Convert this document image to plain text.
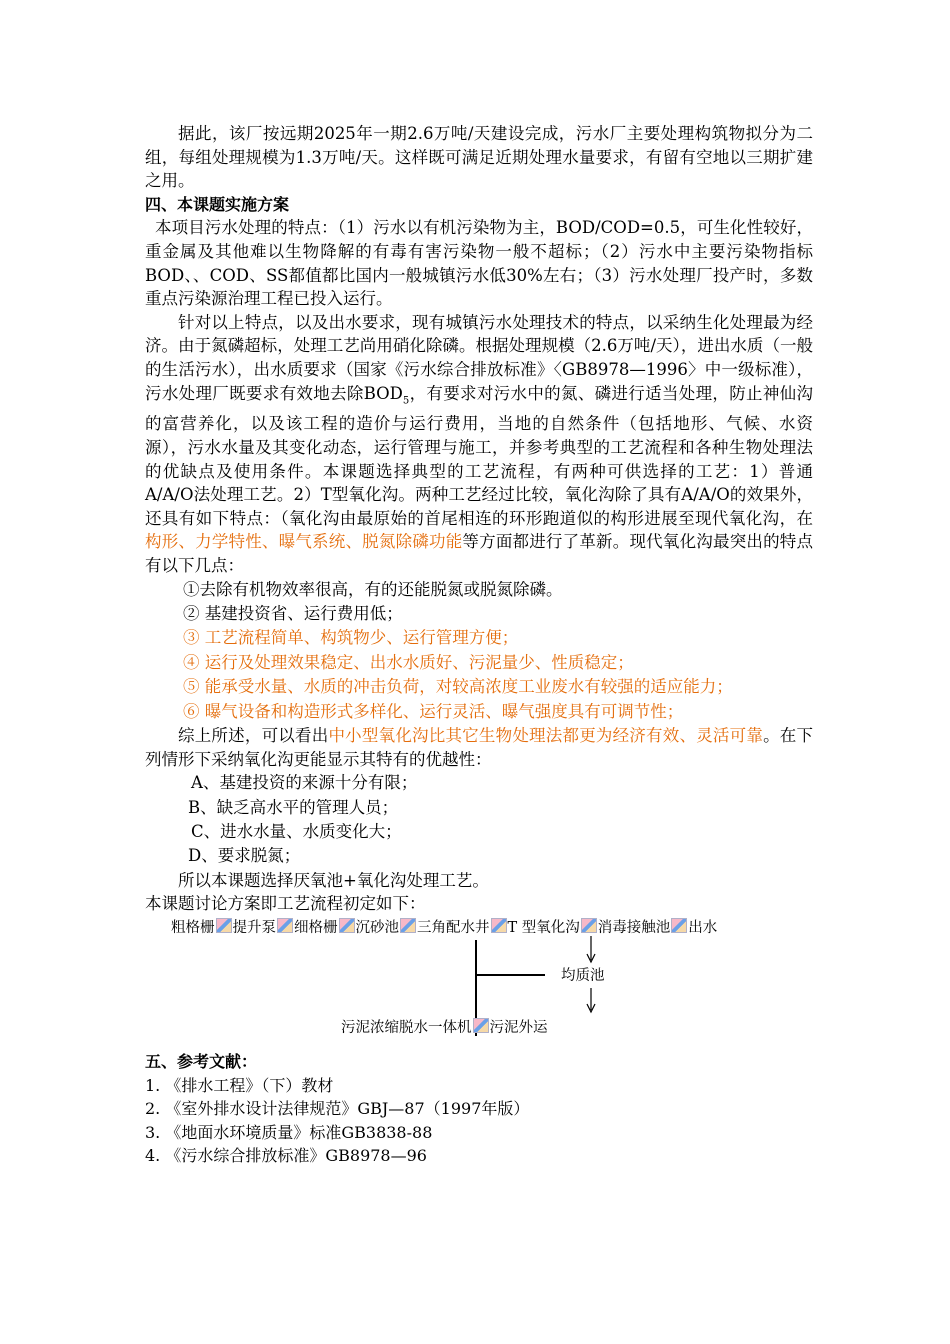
据此，该厂按远期2025年一期2.6万吨/天建设完成，污水厂主要处理构筑物拟分为二组，每组处理规模为1.3万吨/天。这样既可满足近期处理水量要求，有留有空地以三期扩建之用。

四、本课题实施方案

本项目污水处理的特点：（1）污水以有机污染物为主，BOD/COD=0.5，可生化性较好，重金属及其他难以生物降解的有毒有害污染物一般不超标；（2）污水中主要污染物指标BOD、、COD、SS都值都比国内一般城镇污水低30%左右；（3）污水处理厂投产时，多数重点污染源治理工程已投入运行。

针对以上特点，以及出水要求，现有城镇污水处理技术的特点，以采纳生化处理最为经济。由于氮磷超标，处理工艺尚用硝化除磷。根据处理规模（2.6万吨/天），进出水质（一般的生活污水），出水质要求（国家《污水综合排放标准》〈GB8978—1996〉中一级标准），污水处理厂既要求有效地去除$BOD_5$，有要求对污水中的氮、磷进行适当处理，防止神仙沟的富营养化，以及该工程的造价与运行费用，当地的自然条件（包括地形、气候、水资源），污水水量及其变化动态，运行管理与施工，并参考典型的工艺流程和各种生物处理法的优缺点及使用条件。本课题选择典型的工艺流程，有两种可供选择的工艺：1）普通A/A/O法处理工艺。2）T型氧化沟。两种工艺经过比较，氧化沟除了具有A/A/O的效果外，还具有如下特点：（氧化沟由最原始的首尾相连的环形跑道似的构形进展至现代氧化沟，在构形、力学特性、曝气系统、脱氮除磷功能等方面都进行了革新。现代氧化沟最突出的特点有以下几点：

①去除有机物效率很高，有的还能脱氮或脱氮除磷。

② 基建投资省、运行费用低；

③ 工艺流程简单、构筑物少、运行管理方便；

④ 运行及处理效果稳定、出水水质好、污泥量少、性质稳定；

⑤ 能承受水量、水质的冲击负荷，对较高浓度工业废水有较强的适应能力；

⑥ 曝气设备和构造形式多样化、运行灵活、曝气强度具有可调节性；

综上所述，可以看出中小型氧化沟比其它生物处理法都更为经济有效、灵活可靠。在下列情形下采纳氧化沟更能显示其特有的优越性：

A、基建投资的来源十分有限；

B、缺乏高水平的管理人员；

C、进水水量、水质变化大；

D、要求脱氮；

所以本课题选择厌氧池+氧化沟处理工艺。

本课题讨论方案即工艺流程初定如下：

粗格栅 提升泵 细格栅 沉砂池 三角配水井 T 型氧化沟 消毒接触池 出水
均质池
污泥浓缩脱水一体机 污泥外运

五、参考文献：

1. 《排水工程》（下）教材

2. 《室外排水设计法律规范》GBJ—87（1997年版）

3. 《地面水环境质量》标准GB3838-88

4. 《污水综合排放标准》GB8978—96
